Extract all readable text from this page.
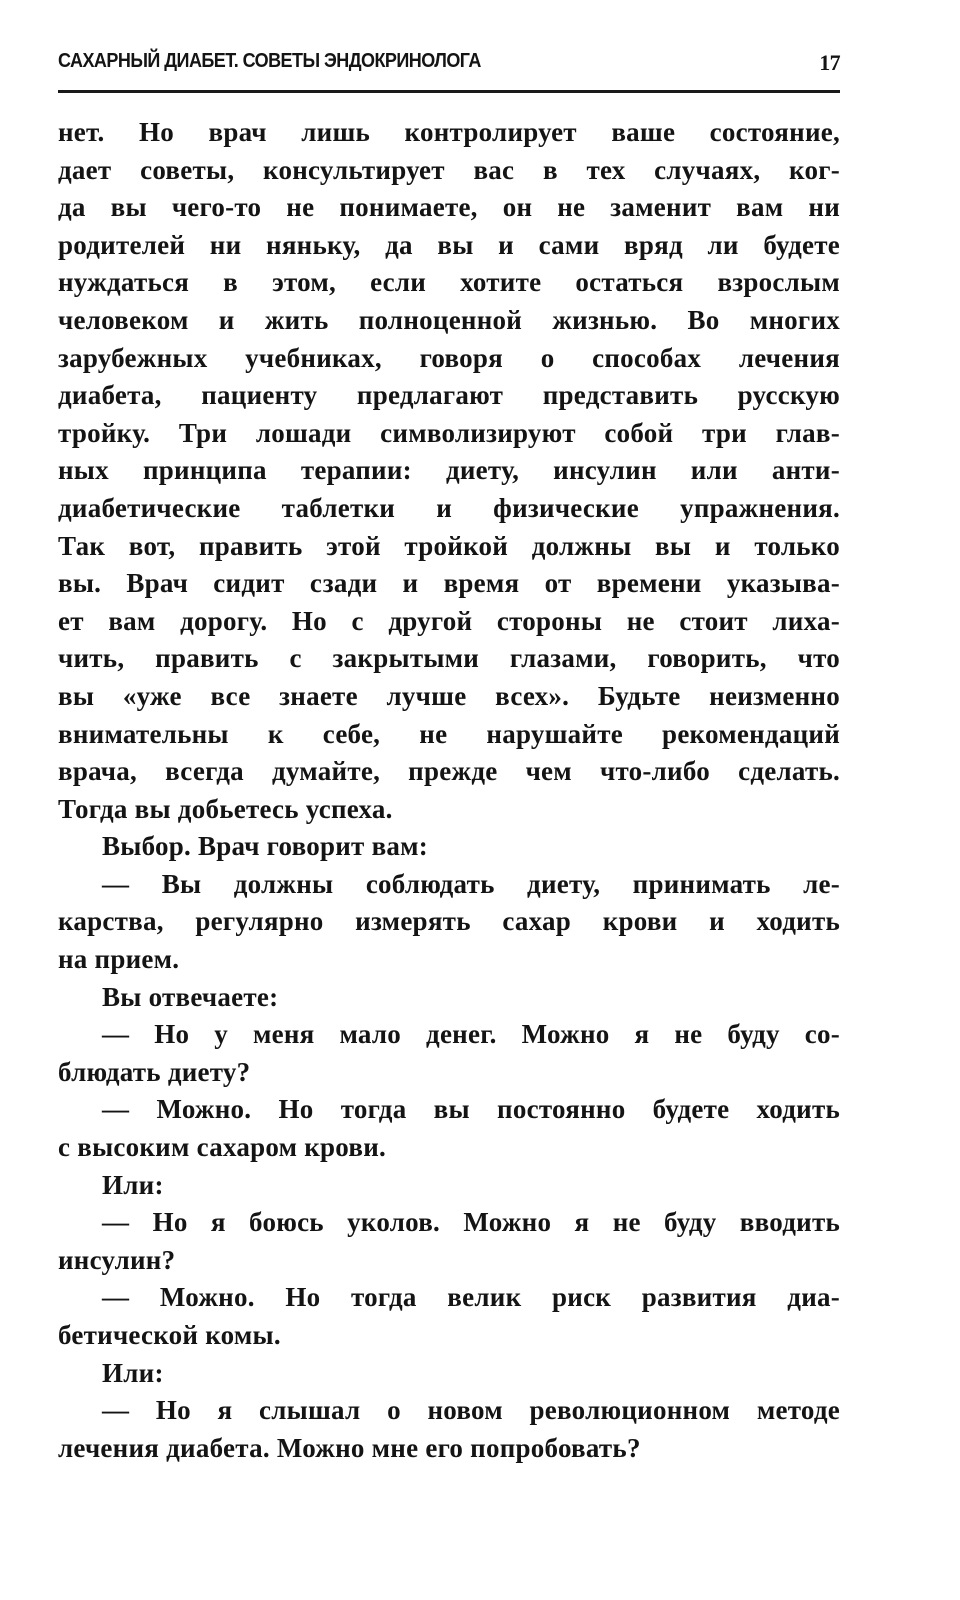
САХАРНЫЙ ДИАБЕТ. СОВЕТЫ ЭНДОКРИНОЛОГА	17
нет. Но врач лишь контролирует ваше состояние,
дает советы, консультирует вас в тех случаях, ког-
да вы чего-то не понимаете, он не заменит вам ни
родителей ни няньку, да вы и сами вряд ли будете
нуждаться в этом, если хотите остаться взрослым
человеком и жить полноценной жизнью. Во многих
зарубежных учебниках, говоря о способах лечения
диабета, пациенту предлагают представить русскую
тройку. Три лошади символизируют собой три глав-
ных принципа терапии: диету, инсулин или анти-
диабетические таблетки и физические упражнения.
Так вот, править этой тройкой должны вы и только
вы. Врач сидит сзади и время от времени указыва-
ет вам дорогу. Но с другой стороны не стоит лиха-
чить, править с закрытыми глазами, говорить, что
вы «уже все знаете лучше всех». Будьте неизменно
внимательны к себе, не нарушайте рекомендаций
врача, всегда думайте, прежде чем что-либо сделать.
Тогда вы добьетесь успеха.
Выбор. Врач говорит вам:
— Вы должны соблюдать диету, принимать ле-
карства, регулярно измерять сахар крови и ходить
на прием.
Вы отвечаете:
— Но у меня мало денег. Можно я не буду со-
блюдать диету?
— Можно. Но тогда вы постоянно будете ходить
с высоким сахаром крови.
Или:
— Но я боюсь уколов. Можно я не буду вводить
инсулин?
— Можно. Но тогда велик риск развития диа-
бетической комы.
Или:
— Но я слышал о новом революционном методе
лечения диабета. Можно мне его попробовать?
